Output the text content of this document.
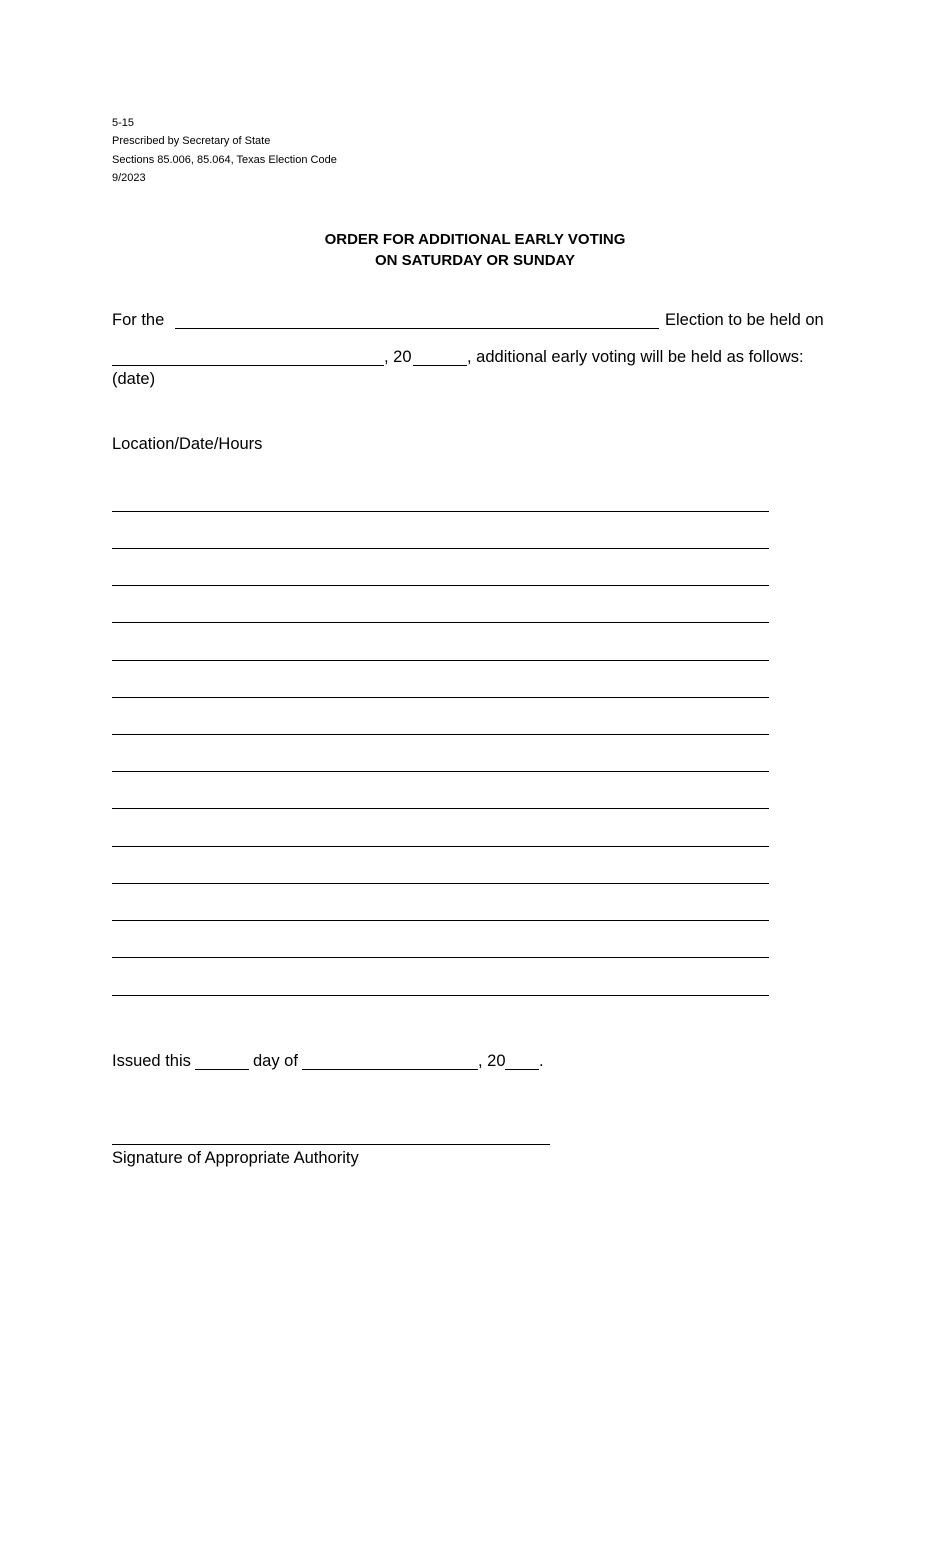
5-15
Prescribed by Secretary of State
Sections 85.006, 85.064, Texas Election Code
9/2023
ORDER FOR ADDITIONAL EARLY VOTING
ON SATURDAY OR SUNDAY
For the	Election to be held on
, 20	, additional early voting will be held as follows:
(date)
Location/Date/Hours
Issued this	day of	, 20 .
Signature of Appropriate Authority
